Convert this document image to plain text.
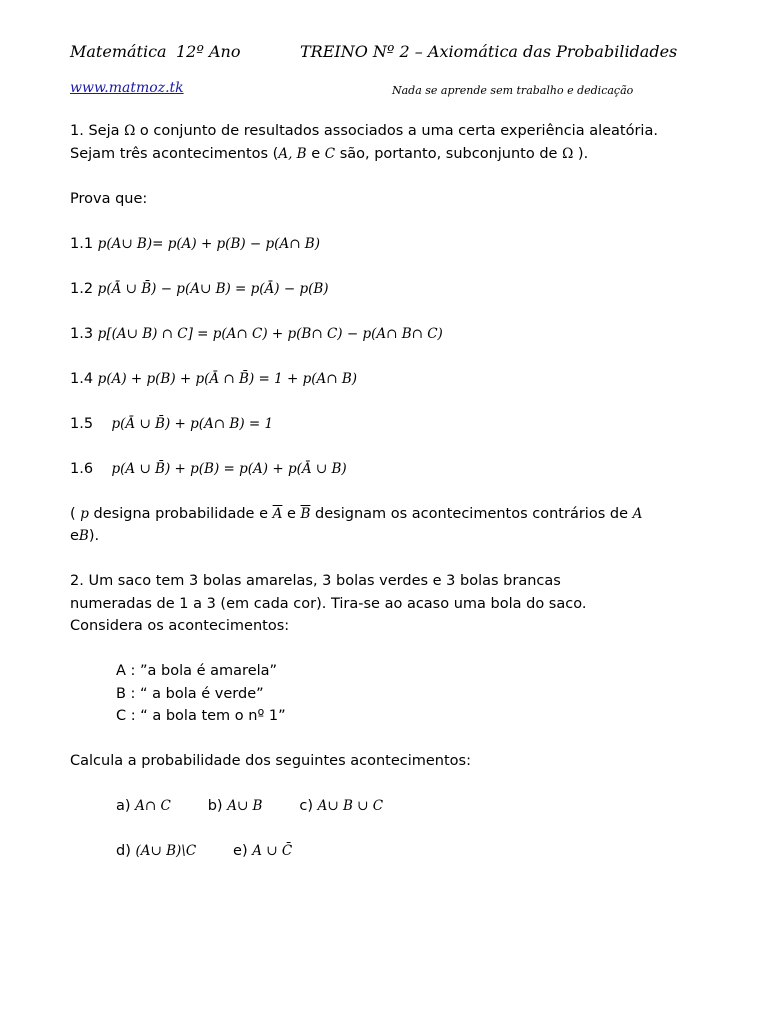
Matemática 12º Ano	TREINO Nº 2 – Axiomática das Probabilidades
www.matmoz.tk	Nada se aprende sem trabalho e dedicação

1. Seja Ω o conjunto de resultados associados a uma certa experiência aleatória.

Sejam três acontecimentos (A, B e C são, portanto, subconjunto de Ω ).

Prova que:

1.1 p(A∪ B)= p(A) + p(B) − p(A∩ B)

1.2 p(Ā ∪ B̄) − p(A∪ B) = p(Ā) − p(B)

1.3 p[(A∪ B) ∩ C] = p(A∩ C) + p(B∩ C) − p(A∩ B∩ C)

1.4 p(A) + p(B) + p(Ā ∩ B̄) = 1 + p(A∩ B)

1.5 p(Ā ∪ B̄) + p(A∩ B) = 1

1.6 p(A ∪ B̄) + p(B) = p(A) + p(Ā ∪ B)

( p designa probabilidade e $\overline{A}$ e $\overline{B}$ designam os acontecimentos contrários de A eB).

2. Um saco tem 3 bolas amarelas, 3 bolas verdes e 3 bolas brancas

numeradas de 1 a 3 (em cada cor). Tira-se ao acaso uma bola do saco.

Considera os acontecimentos:

A : ”a bola é amarela”

B : “ a bola é verde”

C : “ a bola tem o nº 1”

Calcula a probabilidade dos seguintes acontecimentos:

a) A∩ C	b) A∪ B	c) A∪ B ∪ C

d) (A∪ B)\C	e) A ∪ C̄
